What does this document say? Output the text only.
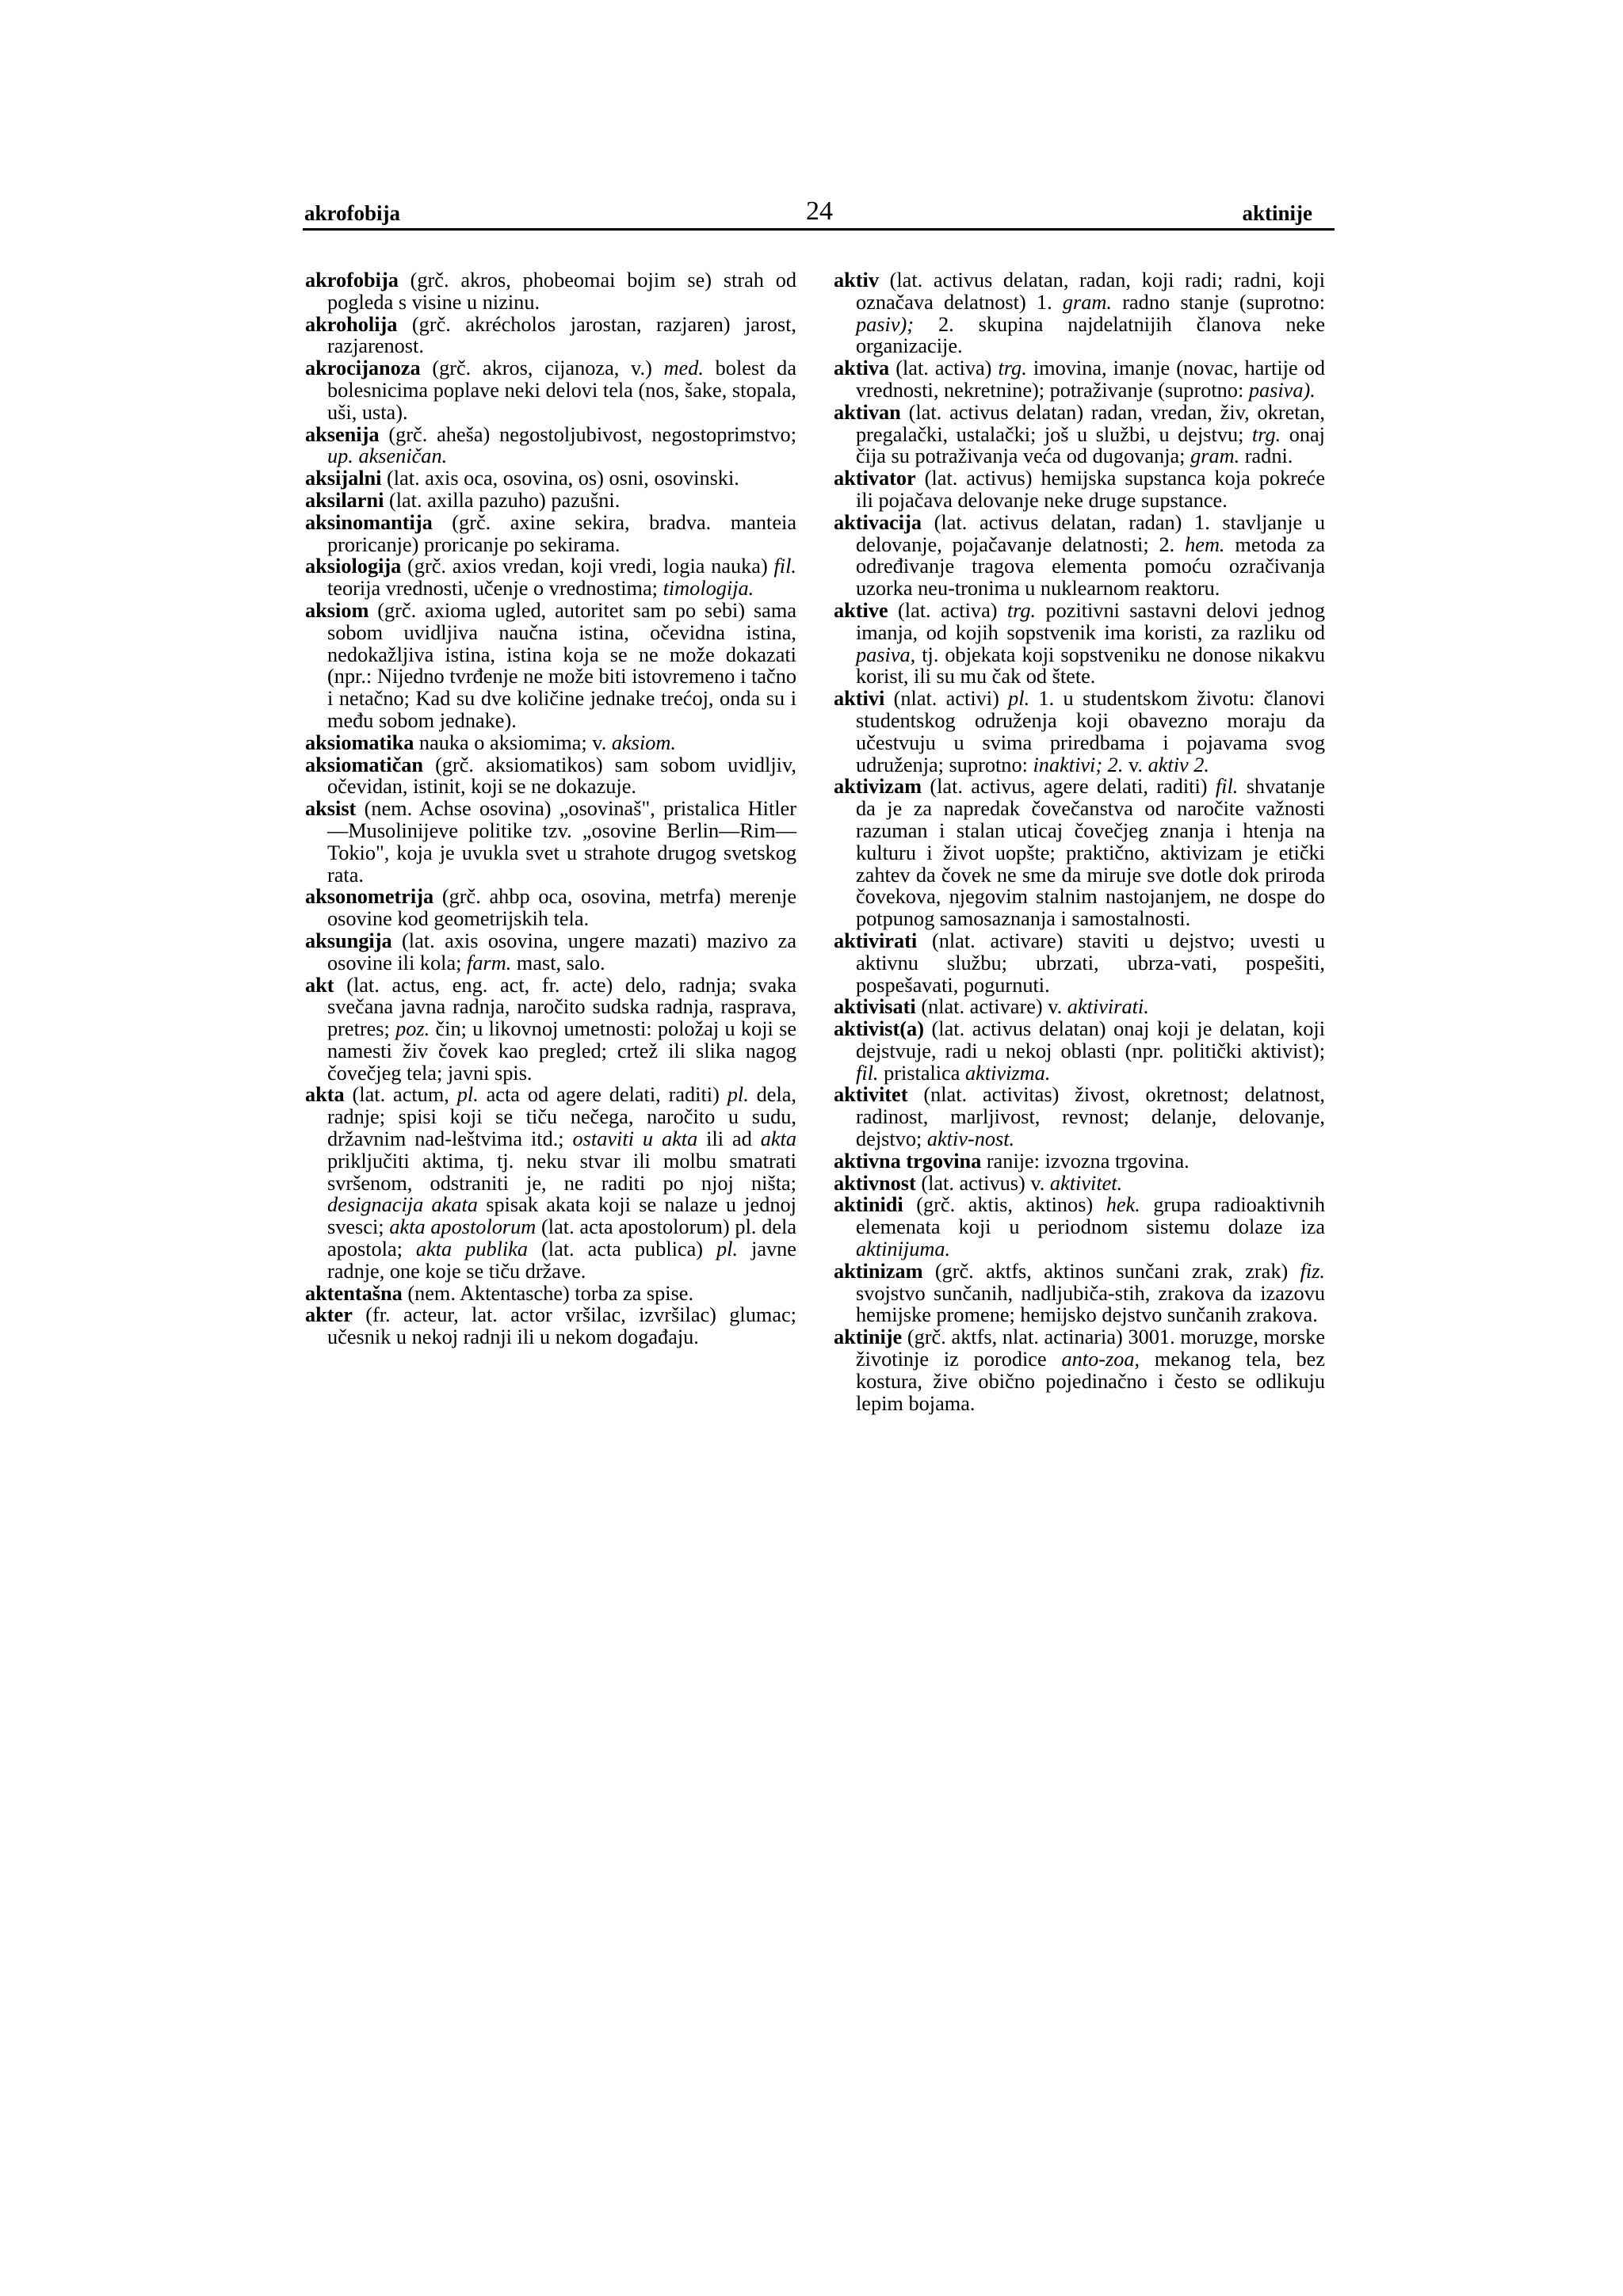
akrofobija	24	aktinije

akrofobija (grč. akros, phobeomai bojim se) strah od pogleda s visine u nizinu.

akroholija (grč. akrécholos jarostan, razjaren) jarost, razjarenost.

akrocijanoza (grč. akros, cijanoza, v.) med. bolest da bolesnicima poplave neki delovi tela (nos, šake, stopala, uši, usta).

aksenija (grč. aheša) negostoljubivost, negostoprimstvo; up. akseničan.

aksijalni (lat. axis oca, osovina, os) osni, osovinski.

aksilarni (lat. axilla pazuho) pazušni.

aksinomantija (grč. axine sekira, bradva. manteia proricanje) proricanje po sekirama.

aksiologija (grč. axios vredan, koji vredi, logia nauka) fil. teorija vrednosti, učenje o vrednostima; timologija.

aksiom (grč. axioma ugled, autoritet sam po sebi) sama sobom uvidljiva naučna istina, očevidna istina, nedokažljiva istina, istina koja se ne može dokazati (npr.: Nijedno tvrđenje ne može biti istovremeno i tačno i netačno; Kad su dve količine jednake trećoj, onda su i među sobom jednake).

aksiomatika nauka o aksiomima; v. aksiom.

aksiomatičan (grč. aksiomatikos) sam sobom uvidljiv, očevidan, istinit, koji se ne dokazuje.

aksist (nem. Achse osovina) „osovinaš", pristalica Hitler—Musolinijeve politike tzv. „osovine Berlin—Rim—Tokio", koja je uvukla svet u strahote drugog svetskog rata.

aksonometrija (grč. ahbp oca, osovina, metrfa) merenje osovine kod geometrijskih tela.

aksungija (lat. axis osovina, ungere mazati) mazivo za osovine ili kola; farm. mast, salo.

akt (lat. actus, eng. act, fr. acte) delo, radnja; svaka svečana javna radnja, naročito sudska radnja, rasprava, pretres; poz. čin; u likovnoj umetnosti: položaj u koji se namesti živ čovek kao pregled; crtež ili slika nagog čovečjeg tela; javni spis.

akta (lat. actum, pl. acta od agere delati, raditi) pl. dela, radnje; spisi koji se tiču nečega, naročito u sudu, državnim nad-leštvima itd.; ostaviti u akta ili ad akta priključiti aktima, tj. neku stvar ili molbu smatrati svršenom, odstraniti je, ne raditi po njoj ništa; designacija akata spisak akata koji se nalaze u jednoj svesci; akta apostolorum (lat. acta apostolorum) pl. dela apostola; akta publika (lat. acta publica) pl. javne radnje, one koje se tiču države.

aktentašna (nem. Aktentasche) torba za spise.

akter (fr. acteur, lat. actor vršilac, izvršilac) glumac; učesnik u nekoj radnji ili u nekom događaju.

aktiv (lat. activus delatan, radan, koji radi; radni, koji označava delatnost) 1. gram. radno stanje (suprotno: pasiv); 2. skupina najdelatnijih članova neke organizacije.

aktiva (lat. activa) trg. imovina, imanje (novac, hartije od vrednosti, nekretnine); potraživanje (suprotno: pasiva).

aktivan (lat. activus delatan) radan, vredan, živ, okretan, pregalački, ustalački; još u službi, u dejstvu; trg. onaj čija su potraživanja veća od dugovanja; gram. radni.

aktivator (lat. activus) hemijska supstanca koja pokreće ili pojačava delovanje neke druge supstance.

aktivacija (lat. activus delatan, radan) 1. stavljanje u delovanje, pojačavanje delatnosti; 2. hem. metoda za određivanje tragova elementa pomoću ozračivanja uzorka neu-tronima u nuklearnom reaktoru.

aktive (lat. activa) trg. pozitivni sastavni delovi jednog imanja, od kojih sopstvenik ima koristi, za razliku od pasiva, tj. objekata koji sopstveniku ne donose nikakvu korist, ili su mu čak od štete.

aktivi (nlat. activi) pl. 1. u studentskom životu: članovi studentskog odruženja koji obavezno moraju da učestvuju u svima priredbama i pojavama svog udruženja; suprotno: inaktivi; 2. v. aktiv 2.

aktivizam (lat. activus, agere delati, raditi) fil. shvatanje da je za napredak čovečanstva od naročite važnosti razuman i stalan uticaj čovečjeg znanja i htenja na kulturu i život uopšte; praktično, aktivizam je etički zahtev da čovek ne sme da miruje sve dotle dok priroda čovekova, njegovim stalnim nastojanjem, ne dospe do potpunog samosaznanja i samostalnosti.

aktivirati (nlat. activare) staviti u dejstvo; uvesti u aktivnu službu; ubrzati, ubrza-vati, pospešiti, pospešavati, pogurnuti.

aktivisati (nlat. activare) v. aktivirati.

aktivist(a) (lat. activus delatan) onaj koji je delatan, koji dejstvuje, radi u nekoj oblasti (npr. politički aktivist); fil. pristalica aktivizma.

aktivitet (nlat. activitas) živost, okretnost; delatnost, radinost, marljivost, revnost; delanje, delovanje, dejstvo; aktiv-nost.

aktivna trgovina ranije: izvozna trgovina.

aktivnost (lat. activus) v. aktivitet.

aktinidi (grč. aktis, aktinos) hek. grupa radioaktivnih elemenata koji u periodnom sistemu dolaze iza aktinijuma.

aktinizam (grč. aktfs, aktinos sunčani zrak, zrak) fiz. svojstvo sunčanih, nadljubiča-stih, zrakova da izazovu hemijske promene; hemijsko dejstvo sunčanih zrakova.

aktinije (grč. aktfs, nlat. actinaria) 3001. moruzge, morske životinje iz porodice anto-zoa, mekanog tela, bez kostura, žive obično pojedinačno i često se odlikuju lepim bojama.
